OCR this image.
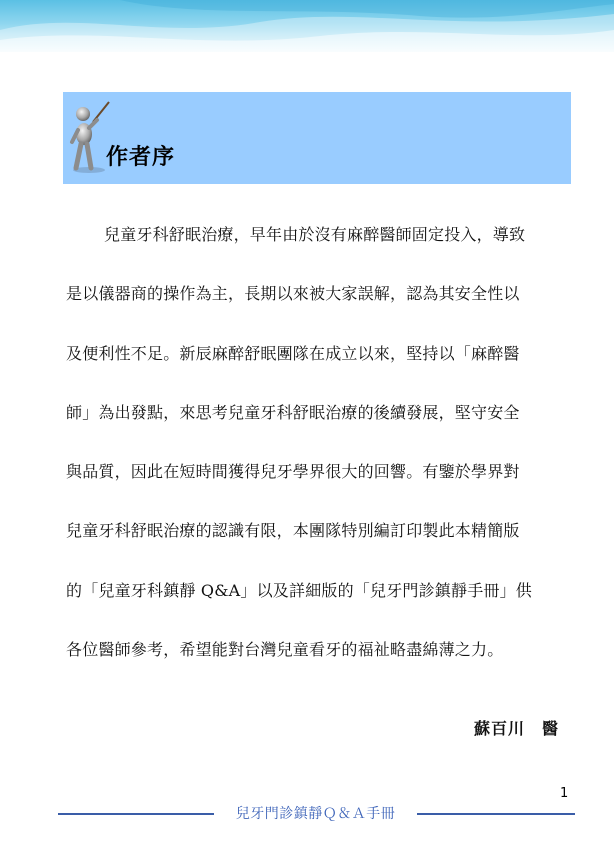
作者序
兒童牙科舒眠治療，早年由於沒有麻醉醫師固定投入，導致
是以儀器商的操作為主，長期以來被大家誤解，認為其安全性以
及便利性不足。新辰麻醉舒眠團隊在成立以來，堅持以「麻醉醫
師」為出發點，來思考兒童牙科舒眠治療的後續發展，堅守安全
與品質，因此在短時間獲得兒牙學界很大的回響。有鑒於學界對
兒童牙科舒眠治療的認識有限，本團隊特別編訂印製此本精簡版
的「兒童牙科鎮靜 Q&A」以及詳細版的「兒牙門診鎮靜手冊」供
各位醫師參考，希望能對台灣兒童看牙的福祉略盡綿薄之力。
蘇百川　醫
1
兒牙門診鎮靜Ｑ＆Ａ手冊
